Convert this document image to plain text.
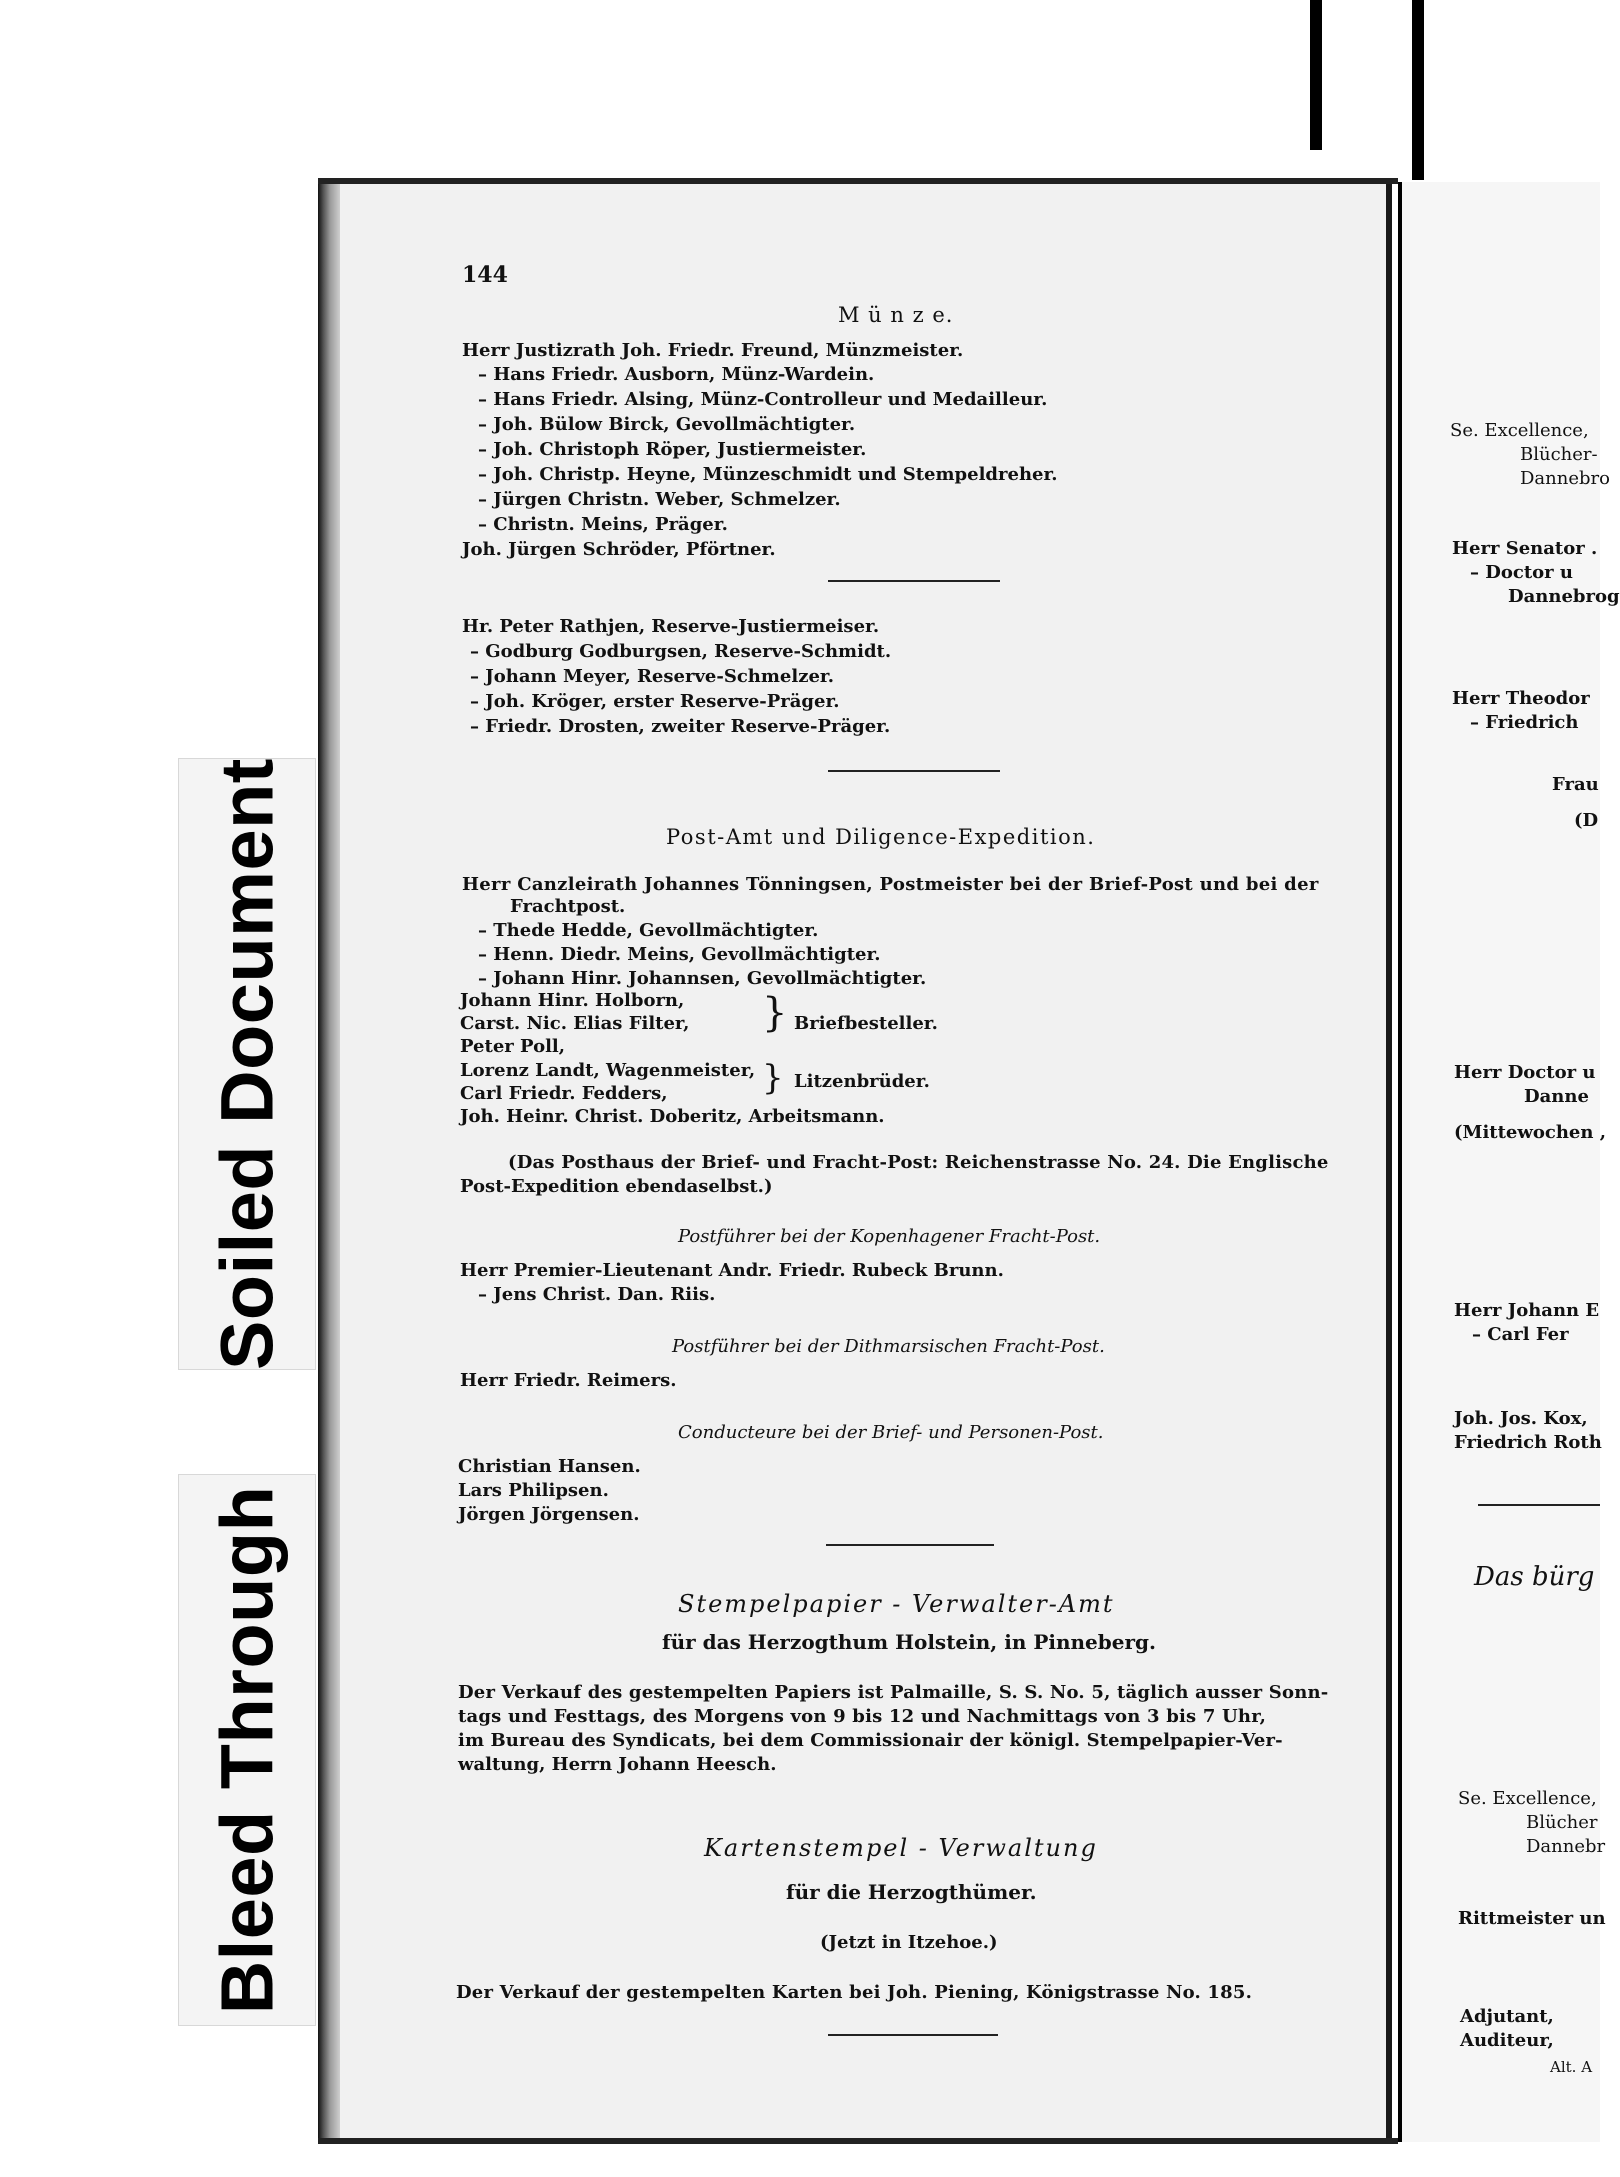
Soiled Document
Bleed Through
Se. Excellence,
Blücher-
Dannebro
Herr Senator .
– Doctor u
Dannebrog
Herr Theodor
– Friedrich
Frau
(D
Herr Doctor u
Danne
(Mittewochen ,
Herr Johann E
– Carl Fer
Joh. Jos. Kox,
Friedrich Roth
Das bürg
Se. Excellence,
Blücher
Dannebr
Rittmeister un
Adjutant,
Auditeur,
Alt. A
144
M ü n z e.
Herr Justizrath Joh. Friedr. Freund, Münzmeister.
– Hans Friedr. Ausborn, Münz-Wardein.
– Hans Friedr. Alsing, Münz-Controlleur und Medailleur.
– Joh. Bülow Birck, Gevollmächtigter.
– Joh. Christoph Röper, Justiermeister.
– Joh. Christp. Heyne, Münzeschmidt und Stempeldreher.
– Jürgen Christn. Weber, Schmelzer.
– Christn. Meins, Präger.
Joh. Jürgen Schröder, Pförtner.
Hr. Peter Rathjen, Reserve-Justiermeiser.
– Godburg Godburgsen, Reserve-Schmidt.
– Johann Meyer, Reserve-Schmelzer.
– Joh. Kröger, erster Reserve-Präger.
– Friedr. Drosten, zweiter Reserve-Präger.
Post-Amt und Diligence-Expedition.
Herr Canzleirath Johannes Tönningsen, Postmeister bei der Brief-Post und bei der
Frachtpost.
– Thede Hedde, Gevollmächtigter.
– Henn. Diedr. Meins, Gevollmächtigter.
– Johann Hinr. Johannsen, Gevollmächtigter.
Johann Hinr. Holborn,
Carst. Nic. Elias Filter,
Peter Poll,
} Briefbesteller.
Lorenz Landt, Wagenmeister,
Carl Friedr. Fedders,	} Litzenbrüder.
Joh. Heinr. Christ. Doberitz, Arbeitsmann.
(Das Posthaus der Brief- und Fracht-Post: Reichenstrasse No. 24. Die Englische
Post-Expedition ebendaselbst.)
Postführer bei der Kopenhagener Fracht-Post.
Herr Premier-Lieutenant Andr. Friedr. Rubeck Brunn.
– Jens Christ. Dan. Riis.
Postführer bei der Dithmarsischen Fracht-Post.
Herr Friedr. Reimers.
Conducteure bei der Brief- und Personen-Post.
Christian Hansen.
Lars Philipsen.
Jörgen Jörgensen.
Stempelpapier - Verwalter-Amt
für das Herzogthum Holstein, in Pinneberg.
Der Verkauf des gestempelten Papiers ist Palmaille, S. S. No. 5, täglich ausser Sonn-
tags und Festtags, des Morgens von 9 bis 12 und Nachmittags von 3 bis 7 Uhr,
im Bureau des Syndicats, bei dem Commissionair der königl. Stempelpapier-Ver-
waltung, Herrn Johann Heesch.
Kartenstempel - Verwaltung
für die Herzogthümer.
(Jetzt in Itzehoe.)
Der Verkauf der gestempelten Karten bei Joh. Piening, Königstrasse No. 185.
